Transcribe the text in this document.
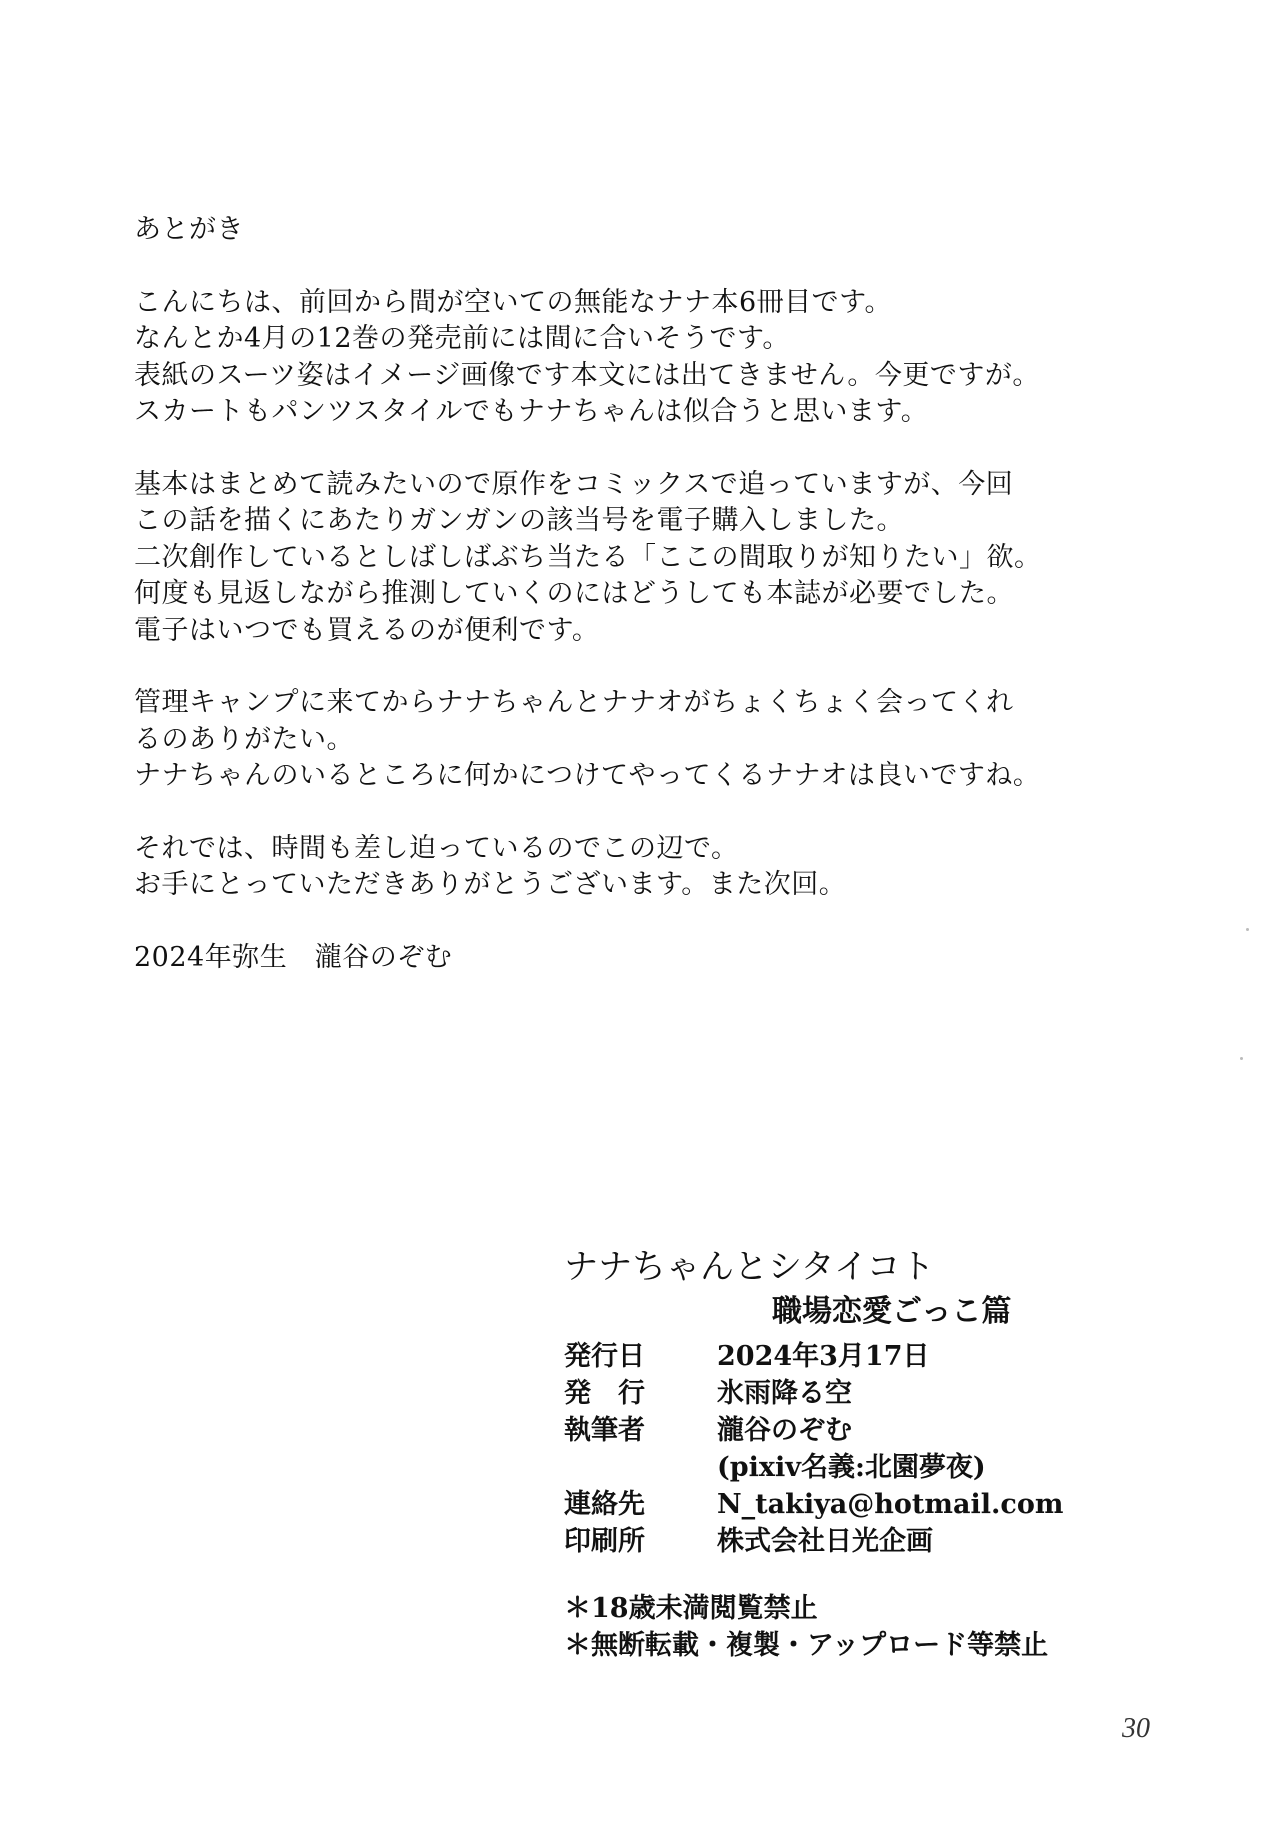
あとがき
こんにちは、前回から間が空いての無能なナナ本6冊目です。
なんとか4月の12巻の発売前には間に合いそうです。
表紙のスーツ姿はイメージ画像です本文には出てきません。今更ですが。
スカートもパンツスタイルでもナナちゃんは似合うと思います。
基本はまとめて読みたいので原作をコミックスで追っていますが、今回
この話を描くにあたりガンガンの該当号を電子購入しました。
二次創作しているとしばしばぶち当たる「ここの間取りが知りたい」欲。
何度も見返しながら推測していくのにはどうしても本誌が必要でした。
電子はいつでも買えるのが便利です。
管理キャンプに来てからナナちゃんとナナオがちょくちょく会ってくれ
るのありがたい。
ナナちゃんのいるところに何かにつけてやってくるナナオは良いですね。
それでは、時間も差し迫っているのでこの辺で。
お手にとっていただきありがとうございます。また次回。
2024年弥生　瀧谷のぞむ
ナナちゃんとシタイコト
職場恋愛ごっこ篇
発行日	2024年3月17日
発　行	氷雨降る空
執筆者	瀧谷のぞむ
(pixiv名義:北園夢夜)
連絡先	N_takiya@hotmail.com
印刷所	株式会社日光企画
＊18歳未満閲覧禁止
＊無断転載・複製・アップロード等禁止
30
